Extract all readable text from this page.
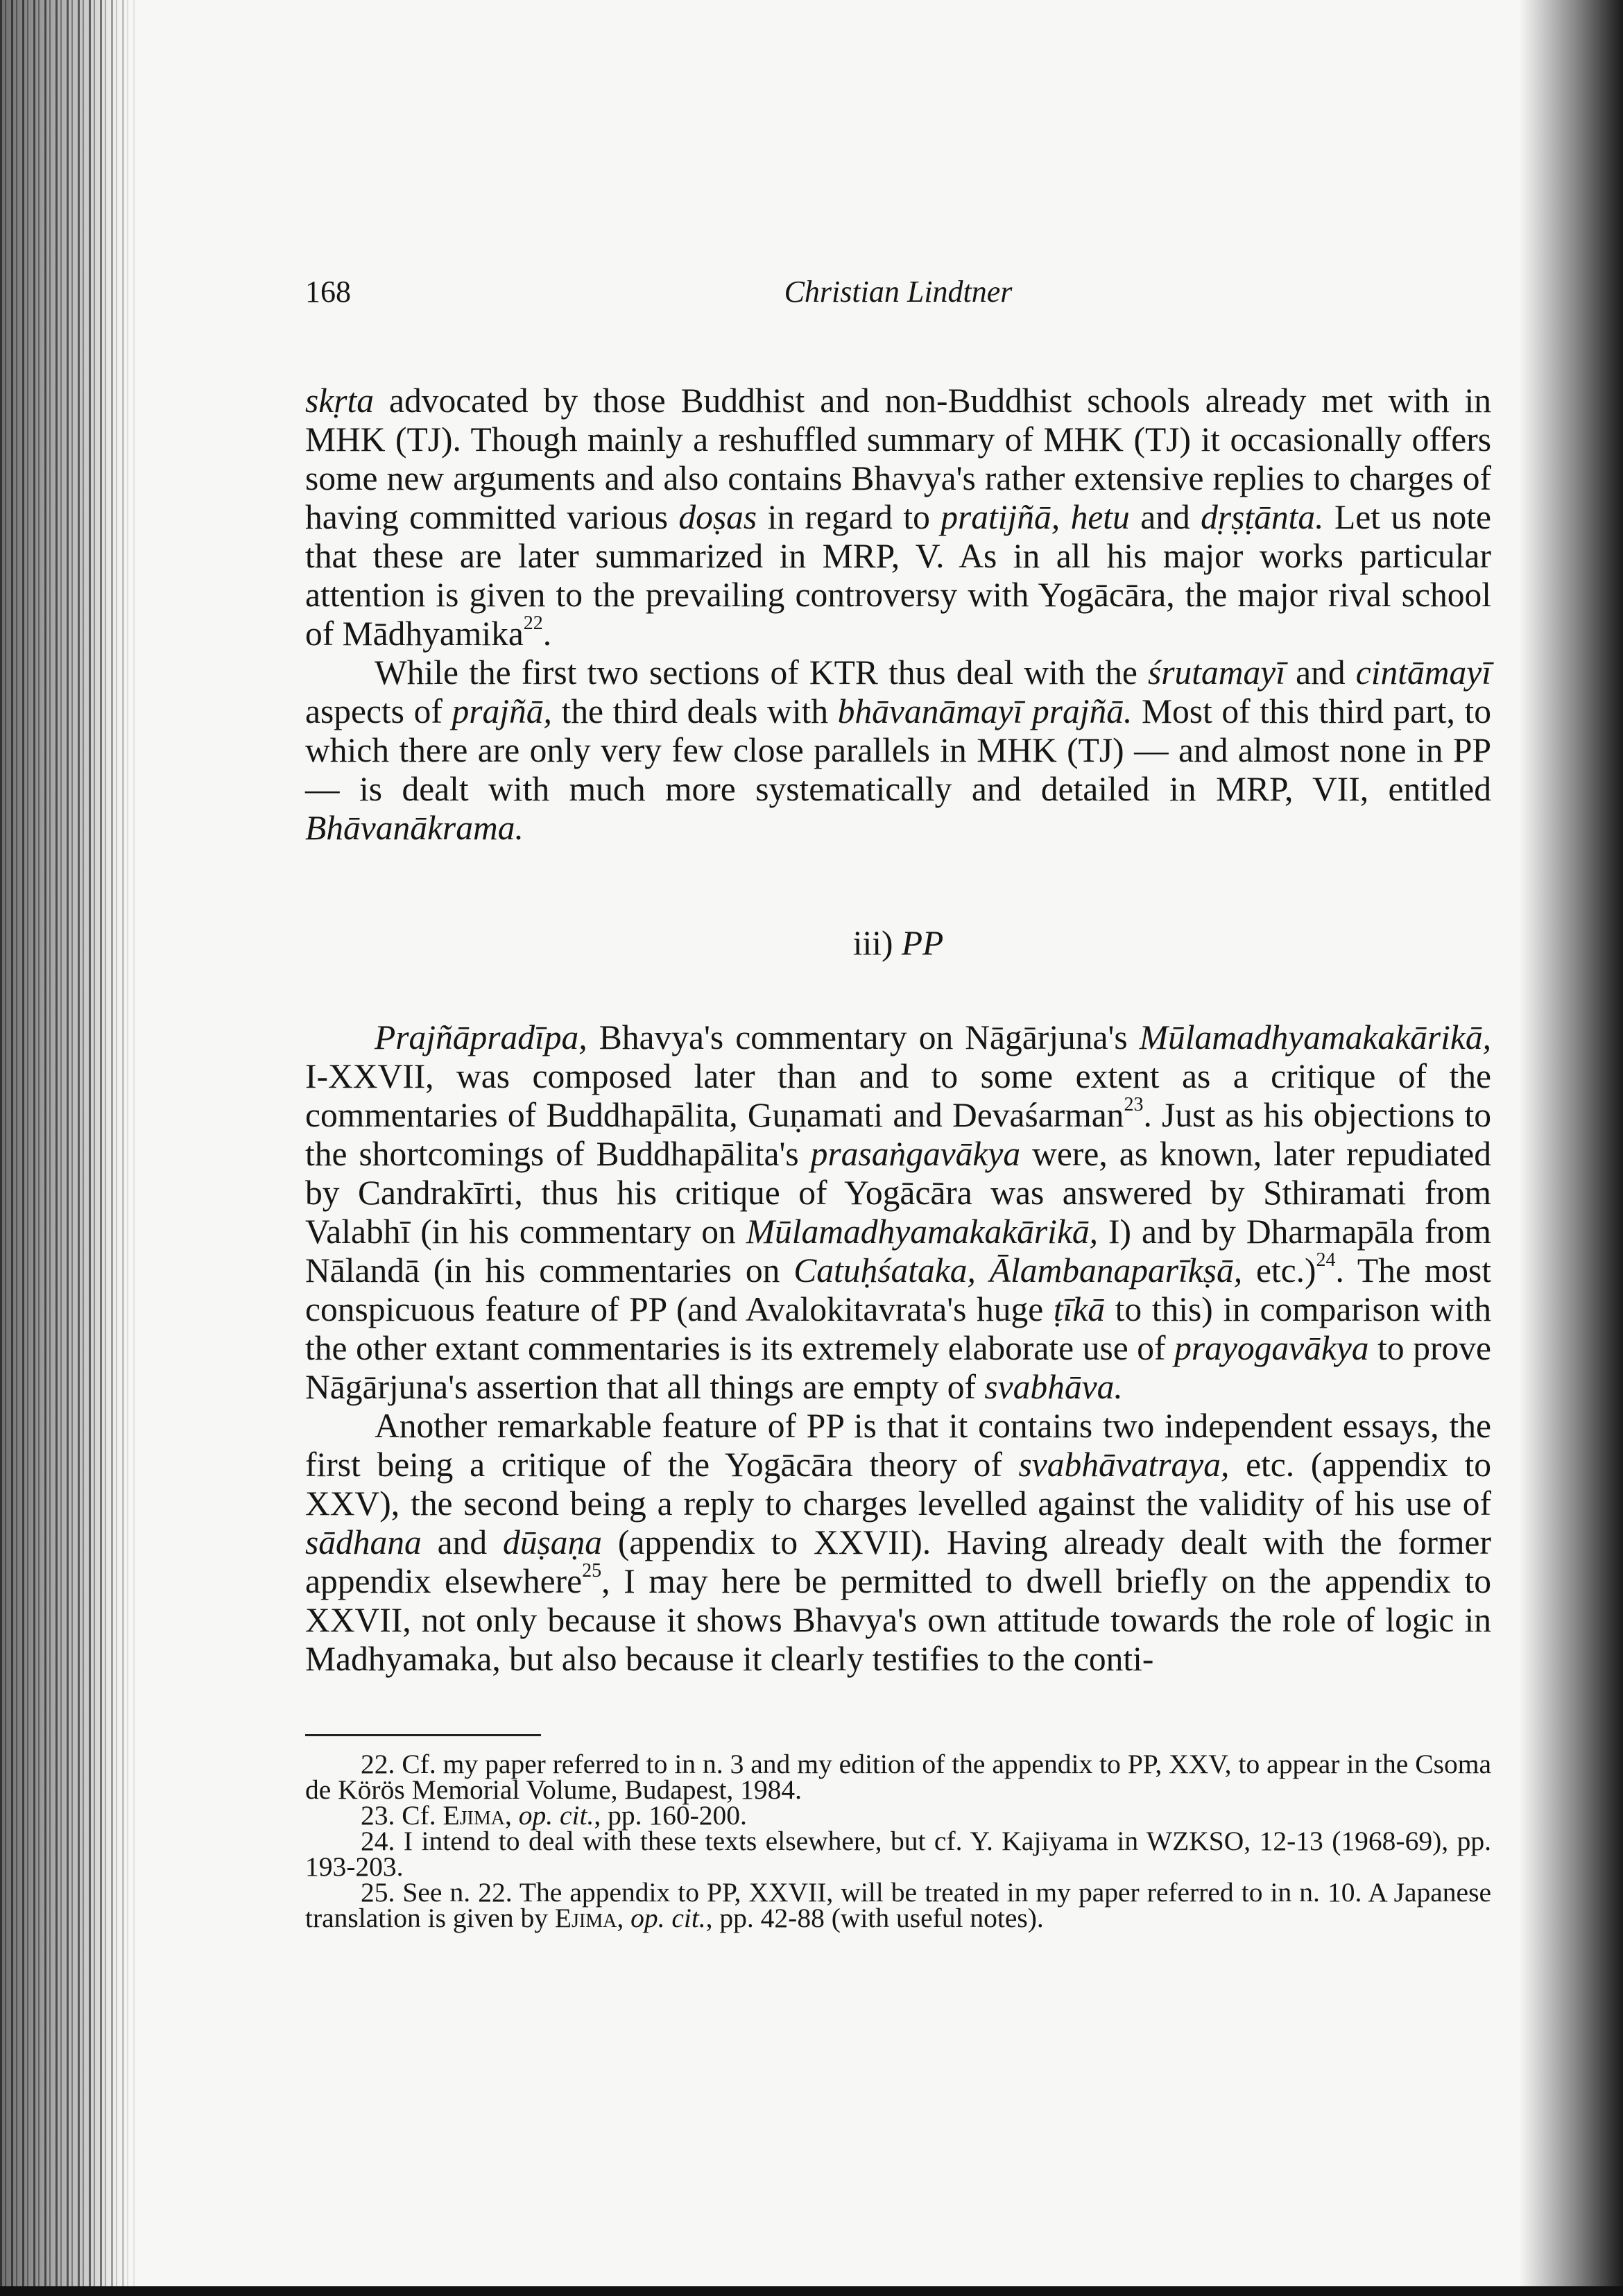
168	Christian Lindtner

skṛta advocated by those Buddhist and non-Buddhist schools already met with in MHK (TJ). Though mainly a reshuffled summary of MHK (TJ) it occasionally offers some new arguments and also contains Bhavya's rather extensive replies to charges of having committed various doṣas in regard to pratijñā, hetu and dṛṣṭānta. Let us note that these are later summarized in MRP, V. As in all his major works particular attention is given to the prevailing controversy with Yogācāra, the major rival school of Mādhyamika$^{22}$.

While the first two sections of KTR thus deal with the śrutamayī and cintāmayī aspects of prajñā, the third deals with bhāvanāmayī prajñā. Most of this third part, to which there are only very few close parallels in MHK (TJ) — and almost none in PP — is dealt with much more systematically and detailed in MRP, VII, entitled Bhāvanākrama.

iii) PP

Prajñāpradīpa, Bhavya's commentary on Nāgārjuna's Mūlamadhyamakakārikā, I-XXVII, was composed later than and to some extent as a critique of the commentaries of Buddhapālita, Guṇamati and Devaśarman$^{23}$. Just as his objections to the shortcomings of Buddhapālita's prasaṅgavākya were, as known, later repudiated by Candrakīrti, thus his critique of Yogācāra was answered by Sthiramati from Valabhī (in his commentary on Mūlamadhyamakakārikā, I) and by Dharmapāla from Nālandā (in his commentaries on Catuḥśataka, Ālambanaparīkṣā, etc.)$^{24}$. The most conspicuous feature of PP (and Avalokitavrata's huge ṭīkā to this) in comparison with the other extant commentaries is its extremely elaborate use of prayogavākya to prove Nāgārjuna's assertion that all things are empty of svabhāva.

Another remarkable feature of PP is that it contains two independent essays, the first being a critique of the Yogācāra theory of svabhāvatraya, etc. (appendix to XXV), the second being a reply to charges levelled against the validity of his use of sādhana and dūṣaṇa (appendix to XXVII). Having already dealt with the former appendix elsewhere$^{25}$, I may here be permitted to dwell briefly on the appendix to XXVII, not only because it shows Bhavya's own attitude towards the role of logic in Madhyamaka, but also because it clearly testifies to the conti-

22. Cf. my paper referred to in n. 3 and my edition of the appendix to PP, XXV, to appear in the Csoma de Körös Memorial Volume, Budapest, 1984.

23. Cf. Ejima, op. cit., pp. 160-200.

24. I intend to deal with these texts elsewhere, but cf. Y. Kajiyama in WZKSO, 12-13 (1968-69), pp. 193-203.

25. See n. 22. The appendix to PP, XXVII, will be treated in my paper referred to in n. 10. A Japanese translation is given by Ejima, op. cit., pp. 42-88 (with useful notes).
